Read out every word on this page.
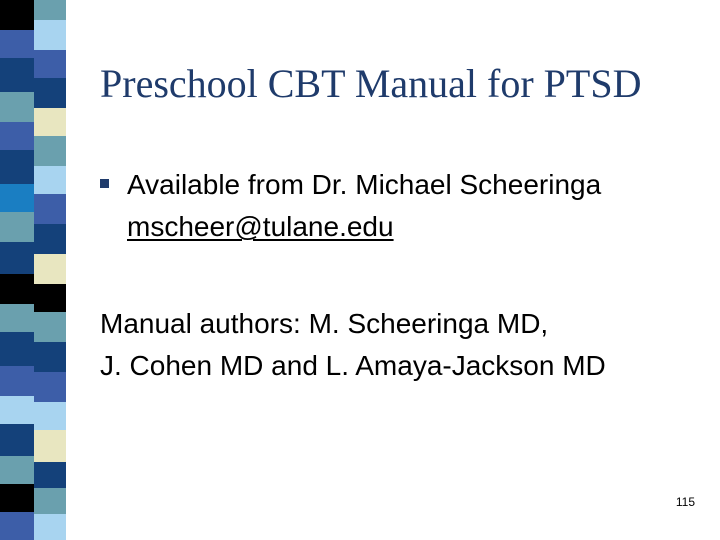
Preschool CBT Manual for PTSD
Available from Dr. Michael Scheeringa
mscheer@tulane.edu
Manual authors: M. Scheeringa MD,
J. Cohen MD and L. Amaya-Jackson MD
115
